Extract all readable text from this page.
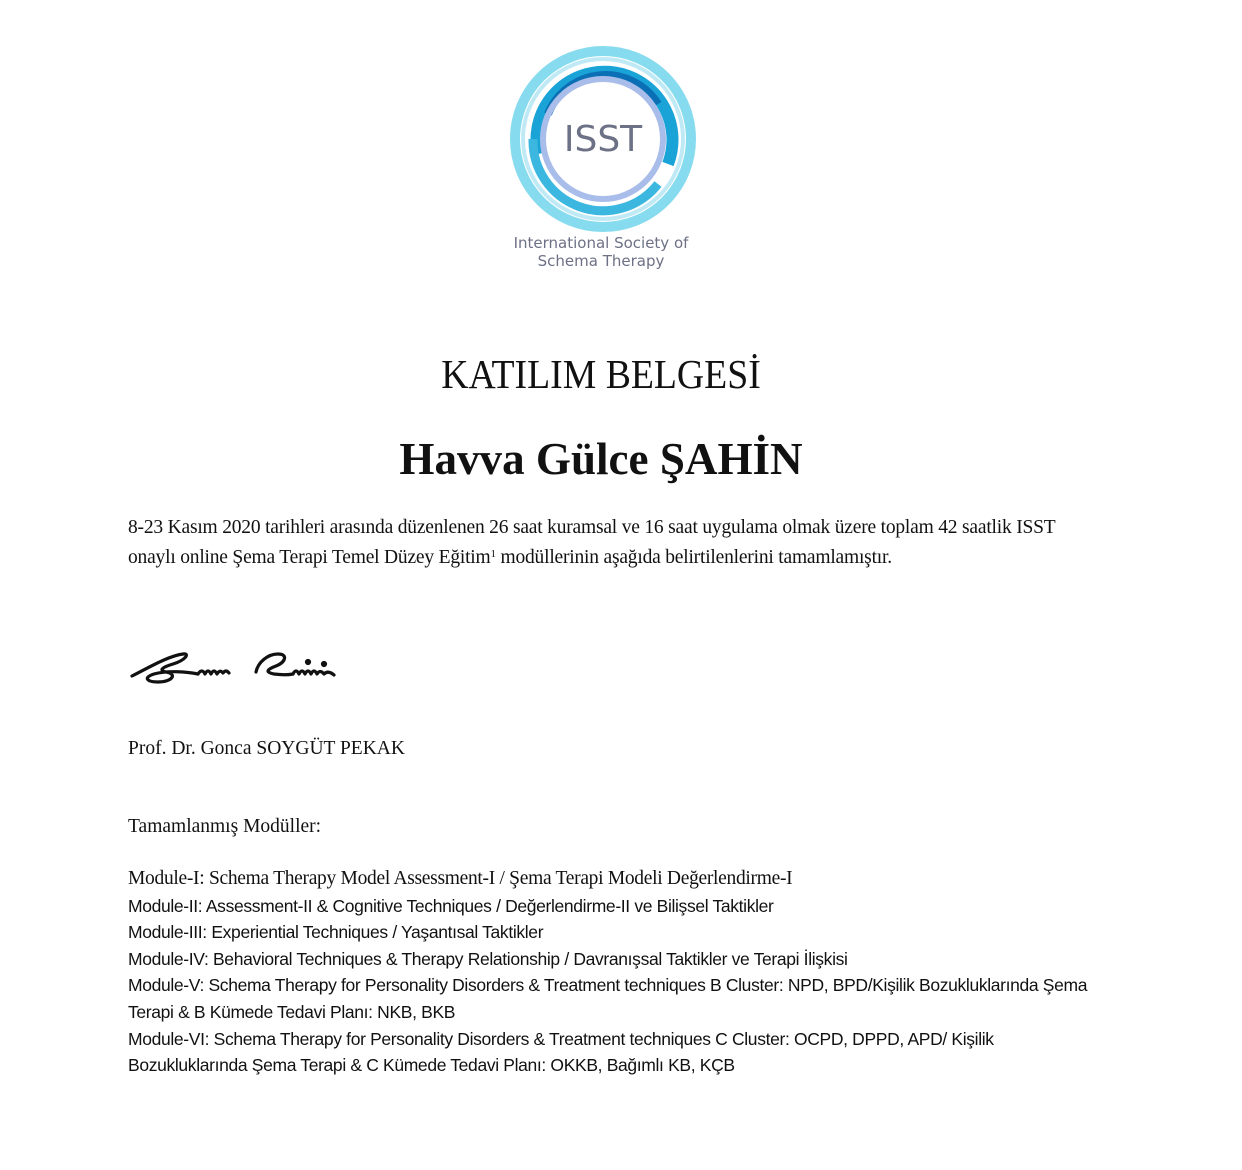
ISST
International Society of
Schema Therapy
KATILIM BELGESİ
Havva Gülce ŞAHİN
8-23 Kasım 2020 tarihleri arasında düzenlenen 26 saat kuramsal ve 16 saat uygulama olmak üzere toplam 42 saatlik ISST onaylı online Şema Terapi Temel Düzey Eğitim$^1$ modüllerinin aşağıda belirtilenlerini tamamlamıştır.
Prof. Dr. Gonca SOYGÜT PEKAK
Tamamlanmış Modüller:
Module-I: Schema Therapy Model Assessment-I / Şema Terapi Modeli Değerlendirme-I
Module-II: Assessment-II & Cognitive Techniques / Değerlendirme-II ve Bilişsel Taktikler
Module-III: Experiential Techniques / Yaşantısal Taktikler
Module-IV: Behavioral Techniques & Therapy Relationship / Davranışsal Taktikler ve Terapi İlişkisi
Module-V: Schema Therapy for Personality Disorders & Treatment techniques B Cluster: NPD, BPD/Kişilik Bozukluklarında Şema Terapi & B Kümede Tedavi Planı: NKB, BKB
Module-VI: Schema Therapy for Personality Disorders & Treatment techniques C Cluster: OCPD, DPPD, APD/ Kişilik Bozukluklarında Şema Terapi & C Kümede Tedavi Planı: OKKB, Bağımlı KB, KÇB
